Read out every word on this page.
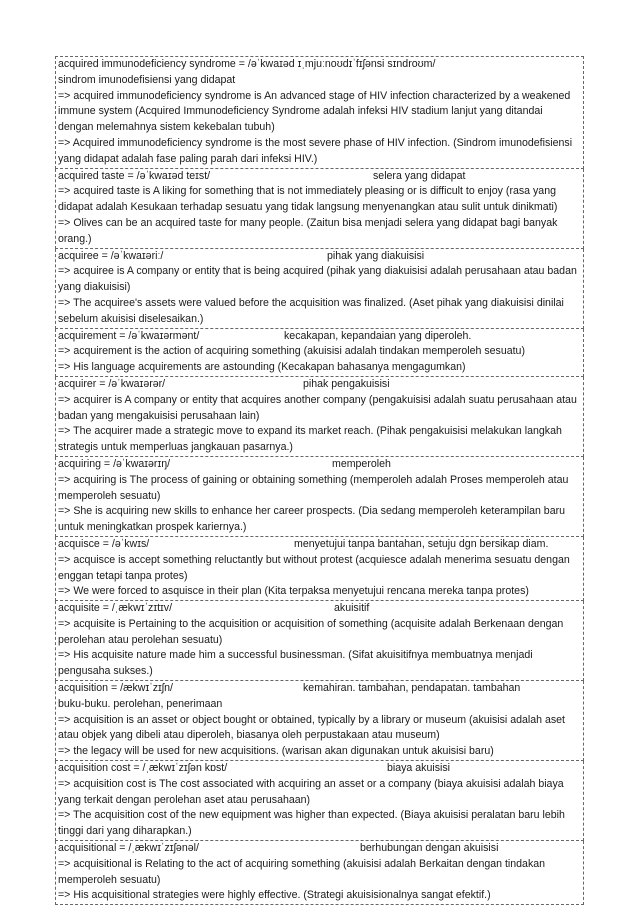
acquired immunodeficiency syndrome = /əˈkwaɪəd ɪˌmjuːnoʊdɪˈfɪʃənsi sɪndroʊm/

sindrom imunodefisiensi yang didapat

=> acquired immunodeficiency syndrome is An advanced stage of HIV infection characterized by a weakened immune system (Acquired Immunodeficiency Syndrome adalah infeksi HIV stadium lanjut yang ditandai dengan melemahnya sistem kekebalan tubuh)

=> Acquired immunodeficiency syndrome is the most severe phase of HIV infection. (Sindrom imunodefisiensi yang didapat adalah fase paling parah dari infeksi HIV.)

acquired taste = /əˈkwaɪəd teɪst/	selera yang didapat

=> acquired taste is A liking for something that is not immediately pleasing or is difficult to enjoy (rasa yang didapat adalah Kesukaan terhadap sesuatu yang tidak langsung menyenangkan atau sulit untuk dinikmati)

=> Olives can be an acquired taste for many people. (Zaitun bisa menjadi selera yang didapat bagi banyak orang.)

acquiree = /əˈkwaɪəriː/	pihak yang diakuisisi

=> acquiree is A company or entity that is being acquired (pihak yang diakuisisi adalah perusahaan atau badan yang diakuisisi)

=> The acquiree's assets were valued before the acquisition was finalized. (Aset pihak yang diakuisisi dinilai sebelum akuisisi diselesaikan.)

acquirement = /əˈkwaɪərmənt/	kecakapan, kepandaian yang diperoleh.

=> acquirement is the action of acquiring something (akuisisi adalah tindakan memperoleh sesuatu)

=> His language acquirements are astounding (Kecakapan bahasanya mengagumkan)

acquirer = /əˈkwaɪərər/	pihak pengakuisisi

=> acquirer is A company or entity that acquires another company (pengakuisisi adalah suatu perusahaan atau badan yang mengakuisisi perusahaan lain)

=> The acquirer made a strategic move to expand its market reach. (Pihak pengakuisisi melakukan langkah strategis untuk memperluas jangkauan pasarnya.)

acquiring = /əˈkwaɪərɪŋ/	memperoleh

=> acquiring is The process of gaining or obtaining something (memperoleh adalah Proses memperoleh atau memperoleh sesuatu)

=> She is acquiring new skills to enhance her career prospects. (Dia sedang memperoleh keterampilan baru untuk meningkatkan prospek kariernya.)

acquisce = /əˈkwɪs/	menyetujui tanpa bantahan, setuju dgn bersikap diam.

=> acquisce is accept something reluctantly but without protest (acquiesce adalah menerima sesuatu dengan enggan tetapi tanpa protes)

=> We were forced to asquisce in their plan (Kita terpaksa menyetujui rencana mereka tanpa protes)

acquisite = /ˌækwɪˈzɪtɪv/	akuisitif

=> acquisite is Pertaining to the acquisition or acquisition of something (acquisite adalah Berkenaan dengan perolehan atau perolehan sesuatu)

=> His acquisite nature made him a successful businessman. (Sifat akuisitifnya membuatnya menjadi pengusaha sukses.)

acquisition = /ækwɪˈzɪʃn/	kemahiran. tambahan, pendapatan. tambahan

buku-buku. perolehan, penerimaan

=> acquisition is an asset or object bought or obtained, typically by a library or museum (akuisisi adalah aset atau objek yang dibeli atau diperoleh, biasanya oleh perpustakaan atau museum)

=> the legacy will be used for new acquisitions. (warisan akan digunakan untuk akuisisi baru)

acquisition cost = /ˌækwɪˈzɪʃən kɒst/	biaya akuisisi

=> acquisition cost is The cost associated with acquiring an asset or a company (biaya akuisisi adalah biaya yang terkait dengan perolehan aset atau perusahaan)

=> The acquisition cost of the new equipment was higher than expected. (Biaya akuisisi peralatan baru lebih tinggi dari yang diharapkan.)

acquisitional = /ˌækwɪˈzɪʃənəl/	berhubungan dengan akuisisi

=> acquisitional is Relating to the act of acquiring something (akuisisi adalah Berkaitan dengan tindakan memperoleh sesuatu)

=> His acquisitional strategies were highly effective. (Strategi akuisisionalnya sangat efektif.)
